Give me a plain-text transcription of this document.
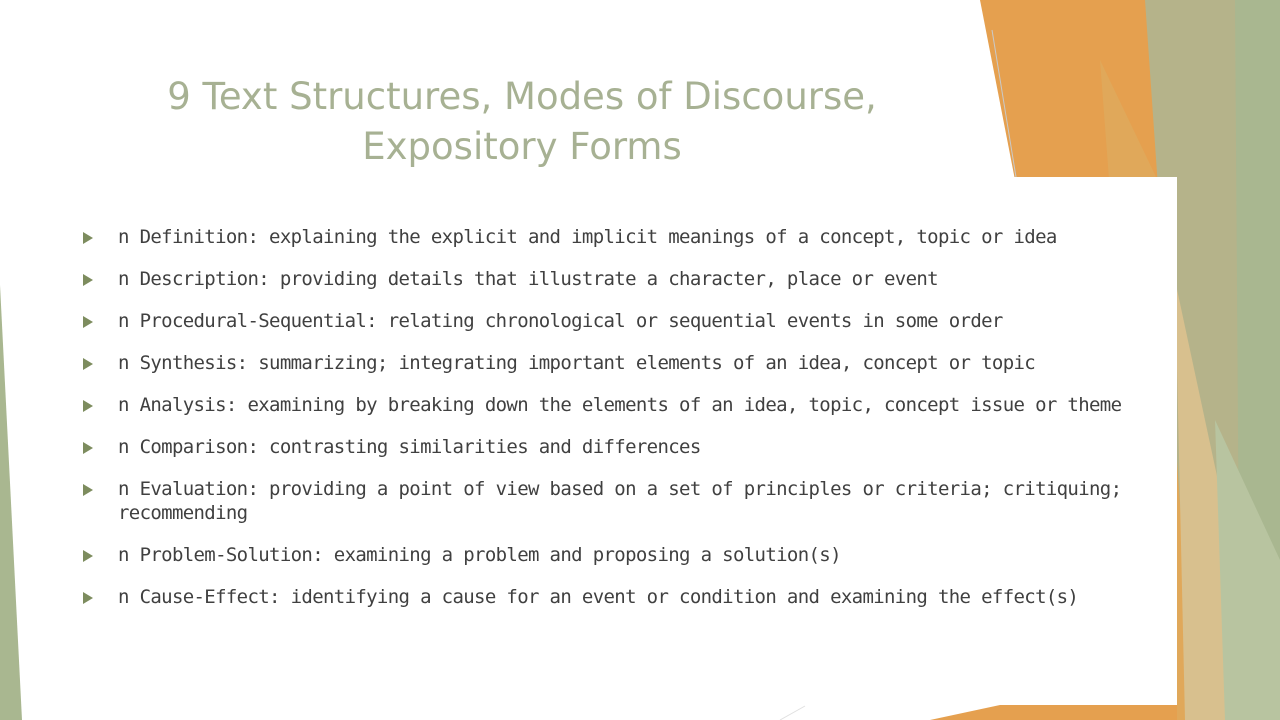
9 Text Structures, Modes of Discourse,
Expository Forms
n Definition: explaining the explicit and implicit meanings of a concept, topic or idea
n Description: providing details that illustrate a character, place or event
n Procedural-Sequential: relating chronological or sequential events in some order
n Synthesis: summarizing; integrating important elements of an idea, concept or topic
n Analysis: examining by breaking down the elements of an idea, topic, concept issue or theme
n Comparison: contrasting similarities and differences
n Evaluation: providing a point of view based on a set of principles or criteria; critiquing; recommending
n Problem-Solution: examining a problem and proposing a solution(s)
n Cause-Effect: identifying a cause for an event or condition and examining the effect(s)
